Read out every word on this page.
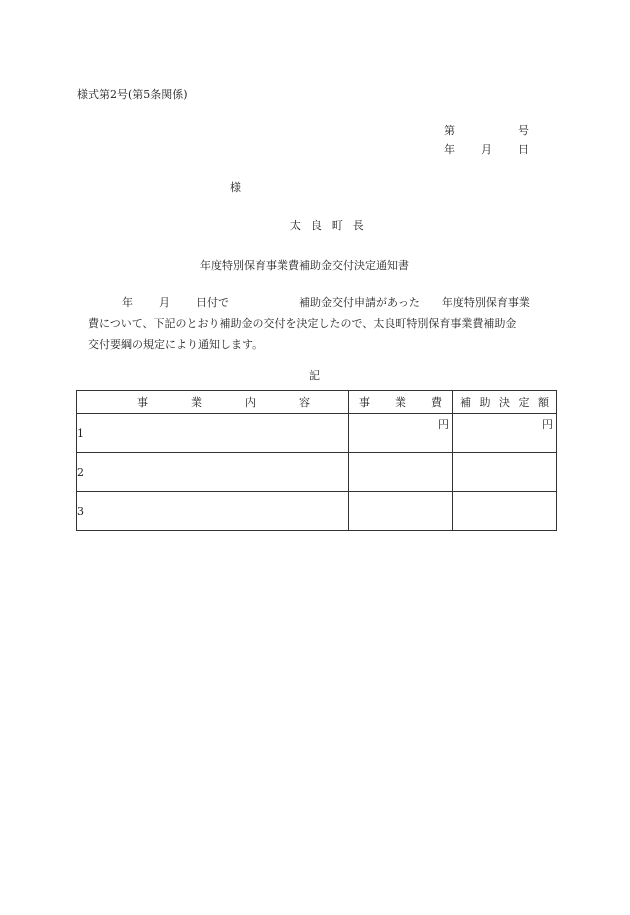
様式第2号(第5条関係)
第	号
年 月 日
様
太良町長
年度特別保育事業費補助金交付決定通知書
年 月 日付で	補助金交付申請があった 年度特別保育事業
費について、下記のとおり補助金の交付を決定したので、太良町特別保育事業費補助金
交付要綱の規定により通知します。
記
事 業 内 容	事 業 費	補 助 決 定 額

1	円	円

2		
3		
